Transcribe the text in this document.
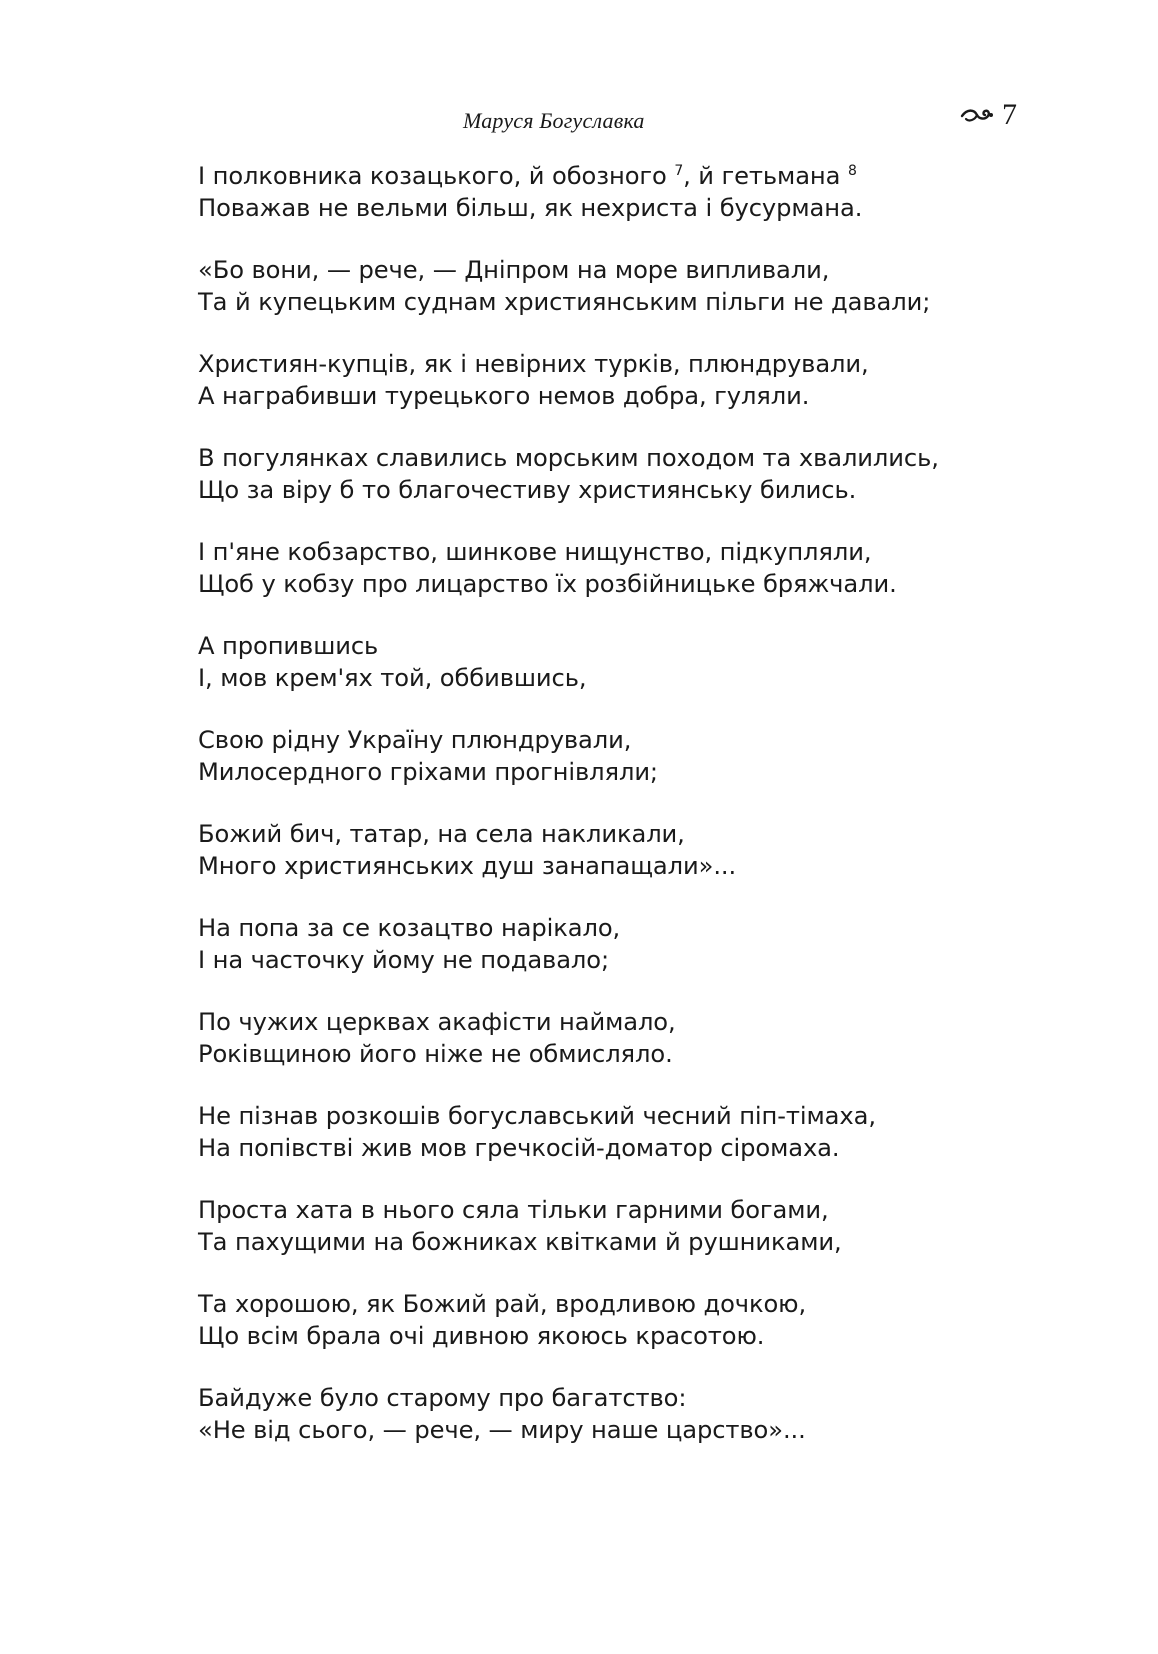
Маруся Богуславка	7
І полковника козацького, й обозного $^7$, й гетьмана $^8$
Поважав не вельми більш, як нехриста і бусурмана.
«Бо вони, — рече, — Дніпром на море випливали,
Та й купецьким суднам християнським пільги не давали;
Християн-купців, як і невірних турків, плюндрували,
А награбивши турецького немов добра, гуляли.
В погулянках славились морським походом та хвалились,
Що за віру б то благочестиву християнську бились.
І п'яне кобзарство, шинкове нищунство, підкупляли,
Щоб у кобзу про лицарство їх розбійницьке бряжчали.
А пропившись
І, мов крем'ях той, оббившись,
Свою рідну Україну плюндрували,
Милосердного гріхами прогнівляли;
Божий бич, татар, на села накликали,
Много християнських душ занапащали»...
На попа за се козацтво нарікало,
І на часточку йому не подавало;
По чужих церквах акафісти наймало,
Роківщиною його ніже не обмисляло.
Не пізнав розкошів богуславський чесний піп-тімаха,
На попівстві жив мов гречкосій-доматор сіромаха.
Проста хата в нього сяла тільки гарними богами,
Та пахущими на божниках квітками й рушниками,
Та хорошою, як Божий рай, вродливою дочкою,
Що всім брала очі дивною якоюсь красотою.
Байдуже було старому про багатство:
«Не від сього, — рече, — миру наше царство»...
